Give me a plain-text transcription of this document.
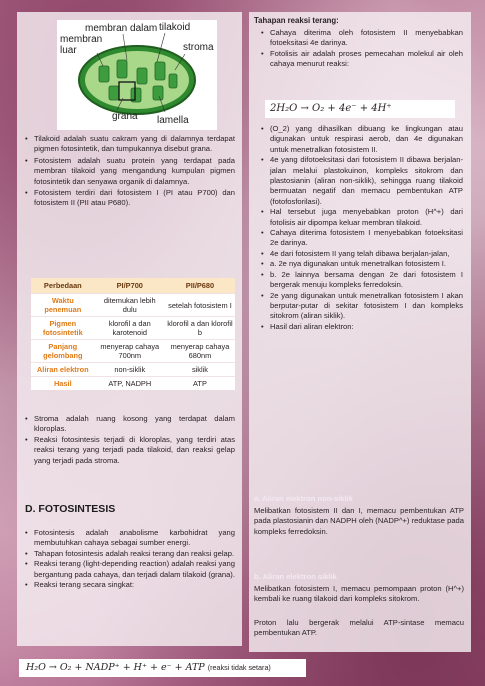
membran dalam tilakoid
membran
luar	stroma
grana lamella
• Tilakoid adalah suatu cakram yang di dalamnya terdapat pigmen fotosintetik, dan tumpukannya disebut grana.
• Fotosistem adalah suatu protein yang terdapat pada membran tilakoid yang mengandung kumpulan pigmen fotosintetik dan senyawa organik di dalamnya.
• Fotosistem terdiri dari fotosistem I (PI atau P700) dan fotosistem II (PII atau P680).
Perbedaan	PI/P700	PII/P680
Waktu penemuan	ditemukan lebih dulu	setelah fotosistem I
Pigmen fotosintetik	klorofil a dan karotenoid	klorofil a dan klorofil b
Panjang gelombang	menyerap cahaya 700nm	menyerap cahaya 680nm
Aliran elektron	non-siklik	siklik
Hasil	ATP, NADPH	ATP
• Stroma adalah ruang kosong yang terdapat dalam kloroplas.
• Reaksi fotosintesis terjadi di kloroplas, yang terdiri atas reaksi terang yang terjadi pada tilakoid, dan reaksi gelap yang terjadi pada stroma.
D. FOTOSINTESIS
• Fotosintesis adalah anabolisme karbohidrat yang membutuhkan cahaya sebagai sumber energi.
• Tahapan fotosintesis adalah reaksi terang dan reaksi gelap.
• Reaksi terang (light-depending reaction) adalah reaksi yang bergantung pada cahaya, dan terjadi dalam tilakoid (grana).
• Reaksi terang secara singkat:
H₂O → O₂ + NADP⁺ + H⁺ + e⁻ + ATP (reaksi tidak setara)
Tahapan reaksi terang:
• Cahaya diterima oleh fotosistem II menyebabkan fotoeksitasi 4e darinya.
• Fotolisis air adalah proses pemecahan molekul air oleh cahaya menurut reaksi:
2H₂O → O₂ + 4e⁻ + 4H⁺
• (O_2) yang dihasilkan dibuang ke lingkungan atau digunakan untuk respirasi aerob, dan 4e digunakan untuk menetralkan fotosistem II.
• 4e yang difotoeksitasi dari fotosistem II dibawa berjalan-jalan melalui plastokuinon, kompleks sitokrom dan plastosianin (aliran non-siklik), sehingga ruang tilakoid bermuatan negatif dan memacu pembentukan ATP (fotofosforilasi).
• Hal tersebut juga menyebabkan proton (H^+) dari fotolisis air dipompa keluar membran tilakoid.
• Cahaya diterima fotosistem I menyebabkan fotoeksitasi 2e darinya.
• 4e dari fotosistem II yang telah dibawa berjalan-jalan,
• a. 2e nya digunakan untuk menetralkan fotosistem I.
• b. 2e lainnya bersama dengan 2e dari fotosistem I bergerak menuju kompleks ferredoksin.
• 2e yang digunakan untuk menetralkan fotosistem I akan berputar-putar di sekitar fotosistem I dan kompleks sitokrom (aliran siklik).
• Hasil dari aliran elektron:
a. Aliran elektron non-siklik
Melibatkan fotosistem II dan I, memacu pembentukan ATP pada plastosianin dan NADPH oleh (NADP^+) reduktase pada kompleks ferredoksin.
b. Aliran elektron siklik
Melibatkan fotosistem I, memacu pemompaan proton (H^+) kembali ke ruang tilakoid dari kompleks sitokrom.
Proton lalu bergerak melalui ATP-sintase memacu pembentukan ATP.
